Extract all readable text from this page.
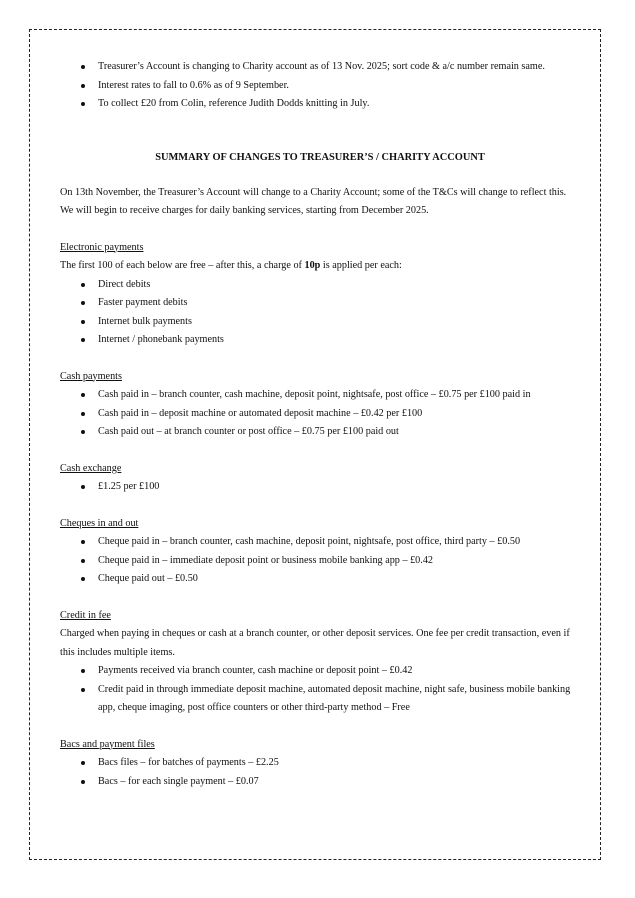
Treasurer’s Account is changing to Charity account as of 13 Nov. 2025; sort code & a/c number remain same.
Interest rates to fall to 0.6% as of 9 September.
To collect £20 from Colin, reference Judith Dodds knitting in July.
SUMMARY OF CHANGES TO TREASURER’S / CHARITY ACCOUNT

On 13th November, the Treasurer’s Account will change to a Charity Account; some of the T&Cs will change to reflect this. We will begin to receive charges for daily banking services, starting from December 2025.

Electronic payments

The first 100 of each below are free – after this, a charge of 10p is applied per each:

Direct debits
Faster payment debits
Internet bulk payments
Internet / phonebank payments
Cash payments
Cash paid in – branch counter, cash machine, deposit point, nightsafe, post office – £0.75 per £100 paid in
Cash paid in – deposit machine or automated deposit machine – £0.42 per £100
Cash paid out – at branch counter or post office – £0.75 per £100 paid out
Cash exchange
£1.25 per £100
Cheques in and out
Cheque paid in – branch counter, cash machine, deposit point, nightsafe, post office, third party – £0.50
Cheque paid in – immediate deposit point or business mobile banking app – £0.42
Cheque paid out – £0.50
Credit in fee

Charged when paying in cheques or cash at a branch counter, or other deposit services. One fee per credit transaction, even if this includes multiple items.

Payments received via branch counter, cash machine or deposit point – £0.42
Credit paid in through immediate deposit machine, automated deposit machine, night safe, business mobile banking app, cheque imaging, post office counters or other third-party method – Free
Bacs and payment files
Bacs files – for batches of payments – £2.25
Bacs – for each single payment – £0.07
